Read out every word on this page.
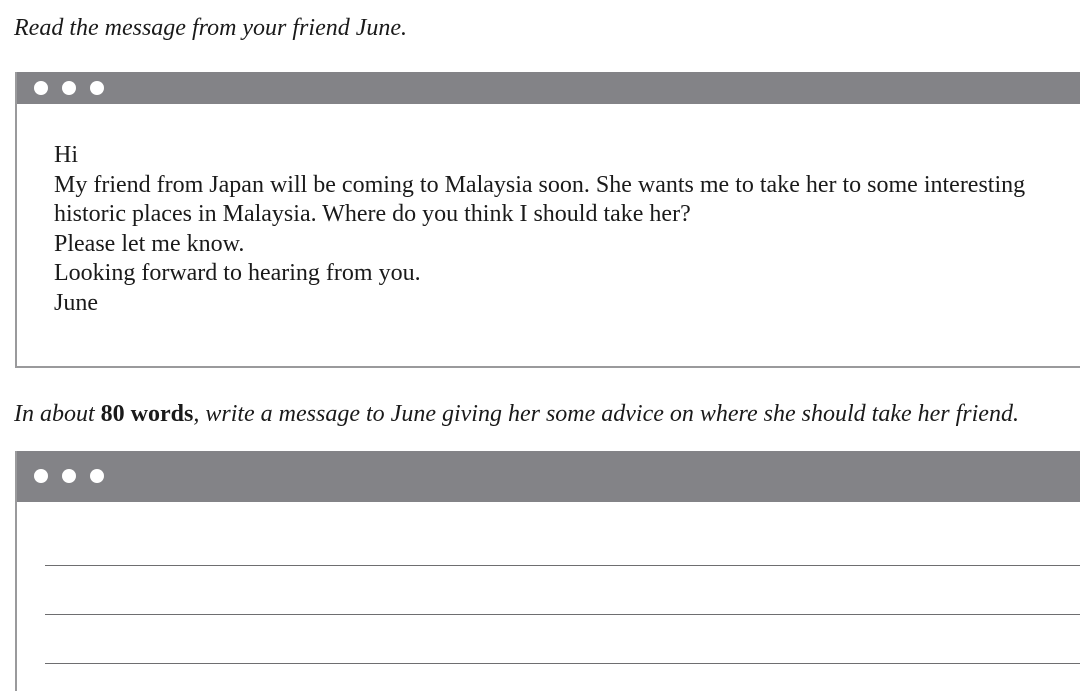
Read the message from your friend June.

Hi

My friend from Japan will be coming to Malaysia soon. She wants me to take her to some interesting historic places in Malaysia. Where do you think I should take her?

Please let me know.

Looking forward to hearing from you.

June

In about 80 words, write a message to June giving her some advice on where she should take her friend.
